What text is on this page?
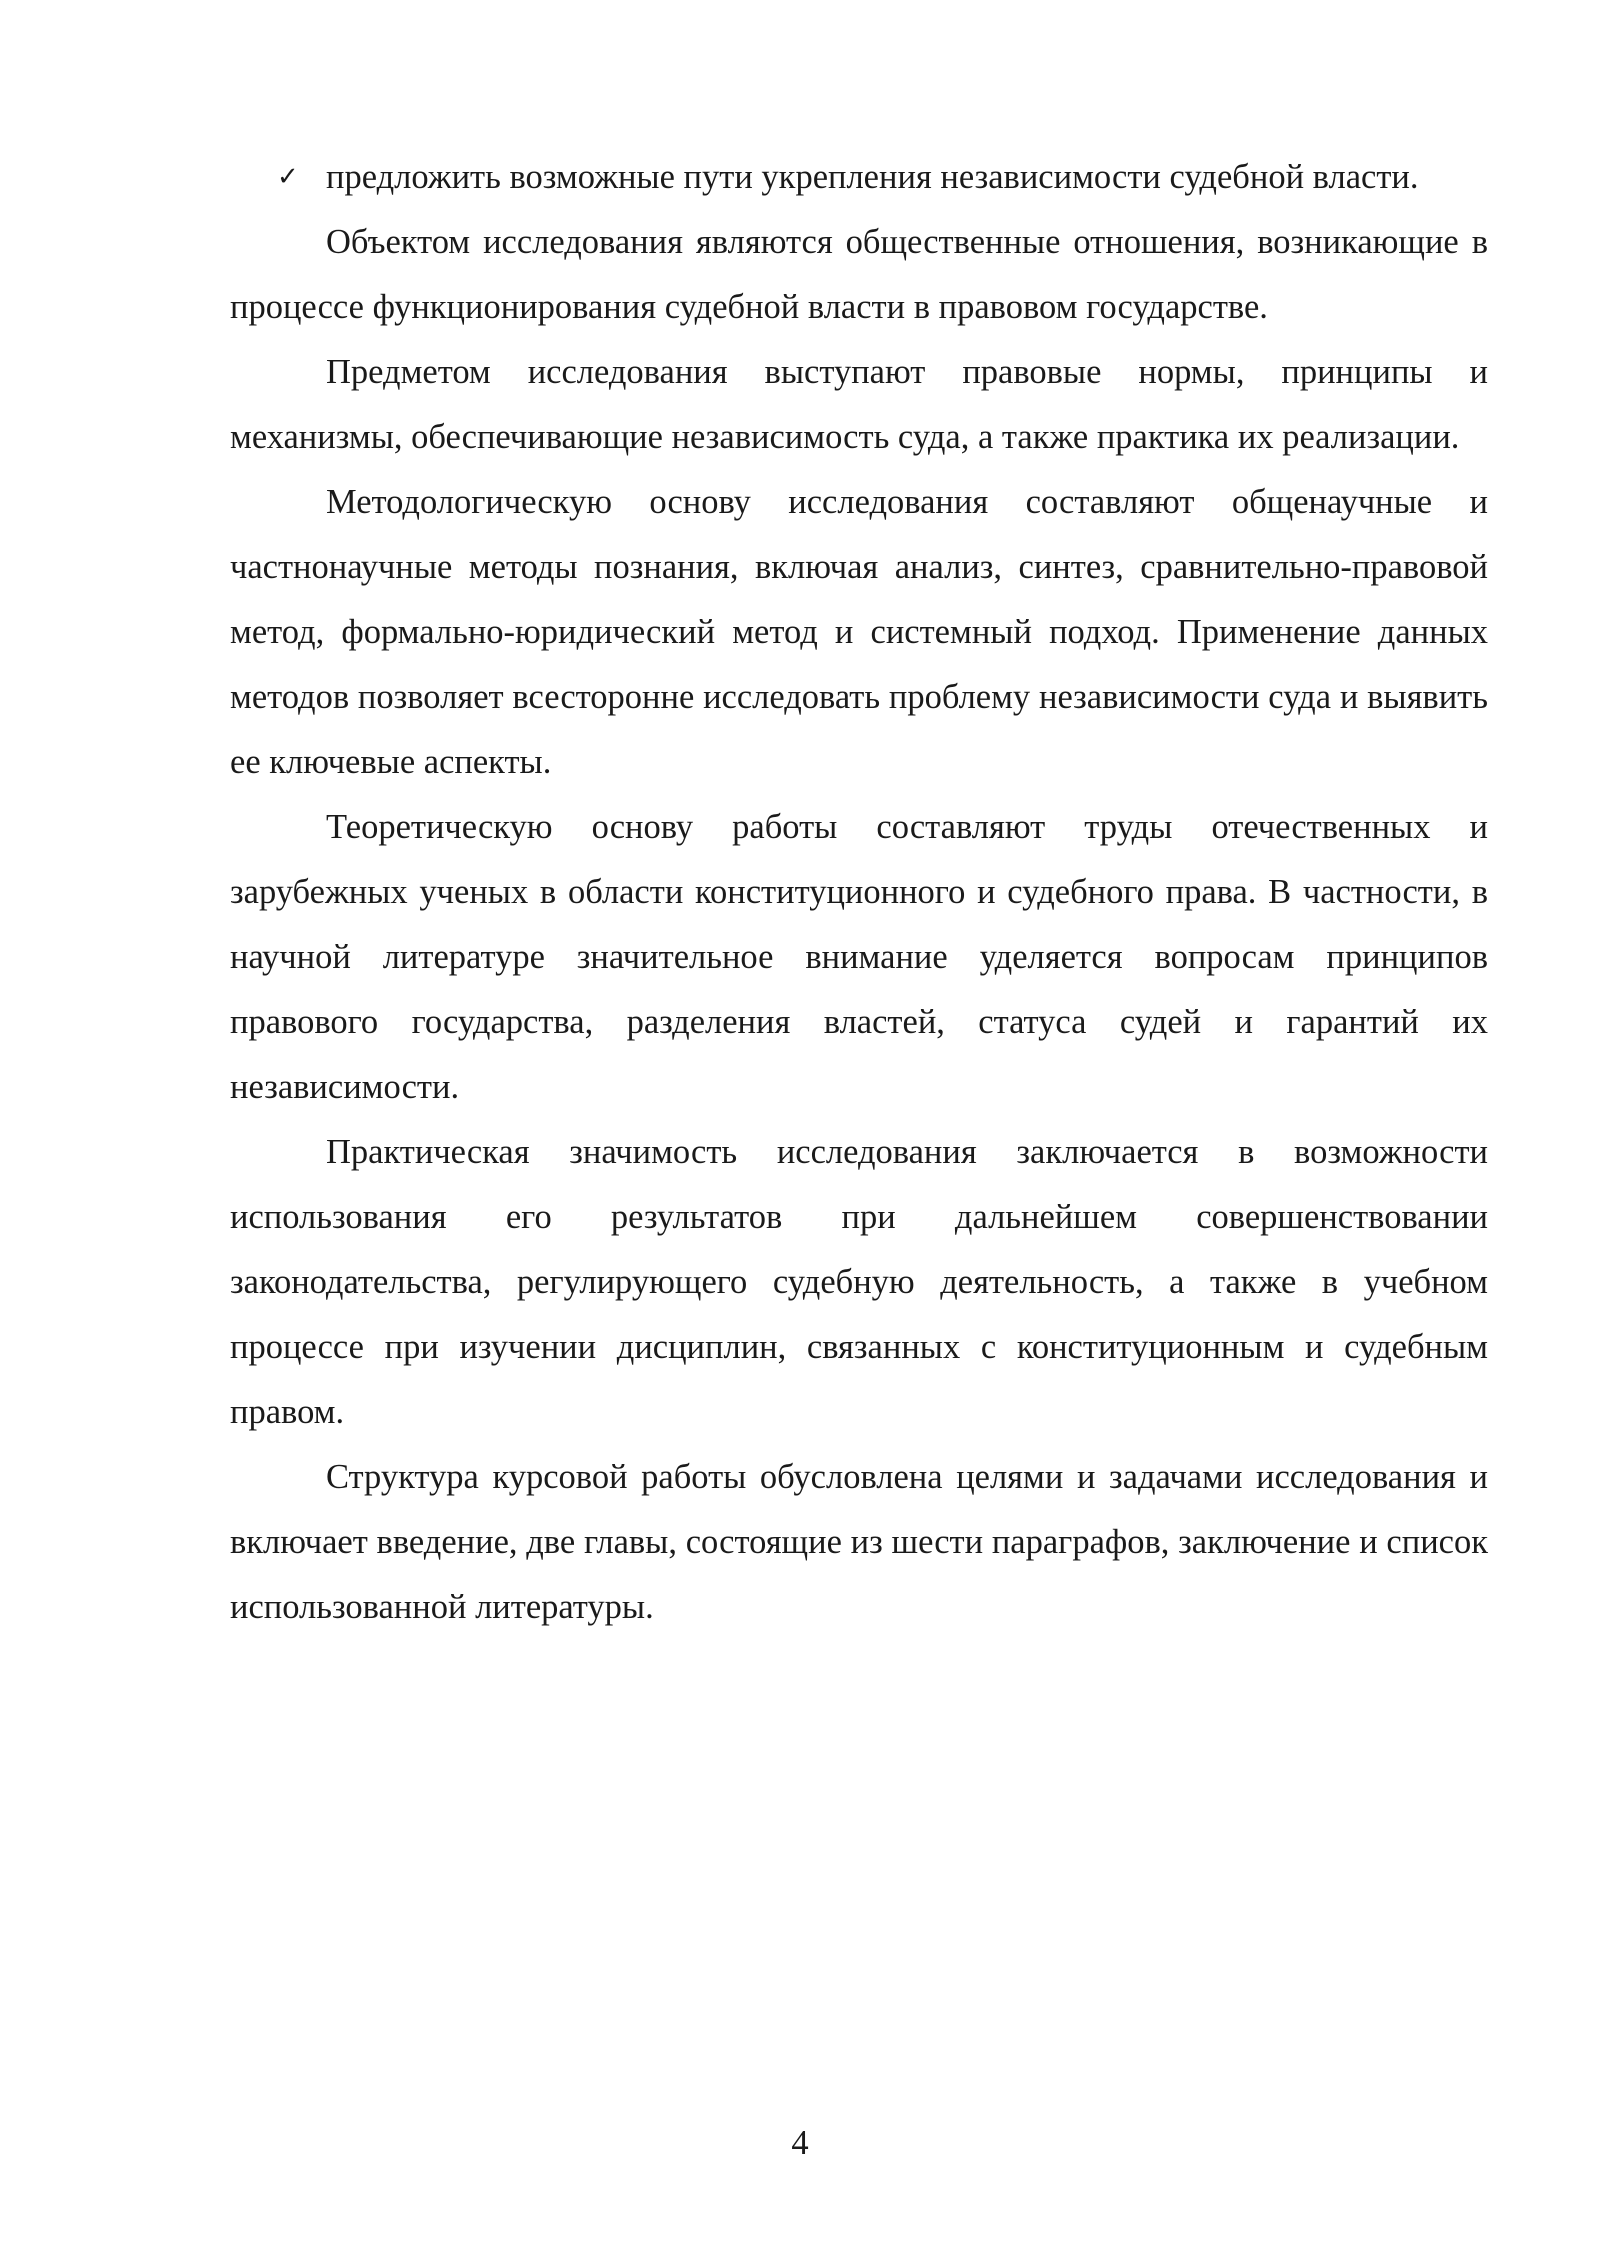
✓ предложить возможные пути укрепления независимости судебной власти.

Объектом исследования являются общественные отношения, возникающие в процессе функционирования судебной власти в правовом государстве.

Предметом исследования выступают правовые нормы, принципы и механизмы, обеспечивающие независимость суда, а также практика их реализации.

Методологическую основу исследования составляют общенаучные и частнонаучные методы познания, включая анализ, синтез, сравнительно-правовой метод, формально-юридический метод и системный подход. Применение данных методов позволяет всесторонне исследовать проблему независимости суда и выявить ее ключевые аспекты.

Теоретическую основу работы составляют труды отечественных и зарубежных ученых в области конституционного и судебного права. В частности, в научной литературе значительное внимание уделяется вопросам принципов правового государства, разделения властей, статуса судей и гарантий их независимости.

Практическая значимость исследования заключается в возможности использования его результатов при дальнейшем совершенствовании законодательства, регулирующего судебную деятельность, а также в учебном процессе при изучении дисциплин, связанных с конституционным и судебным правом.

Структура курсовой работы обусловлена целями и задачами исследования и включает введение, две главы, состоящие из шести параграфов, заключение и список использованной литературы.

4
